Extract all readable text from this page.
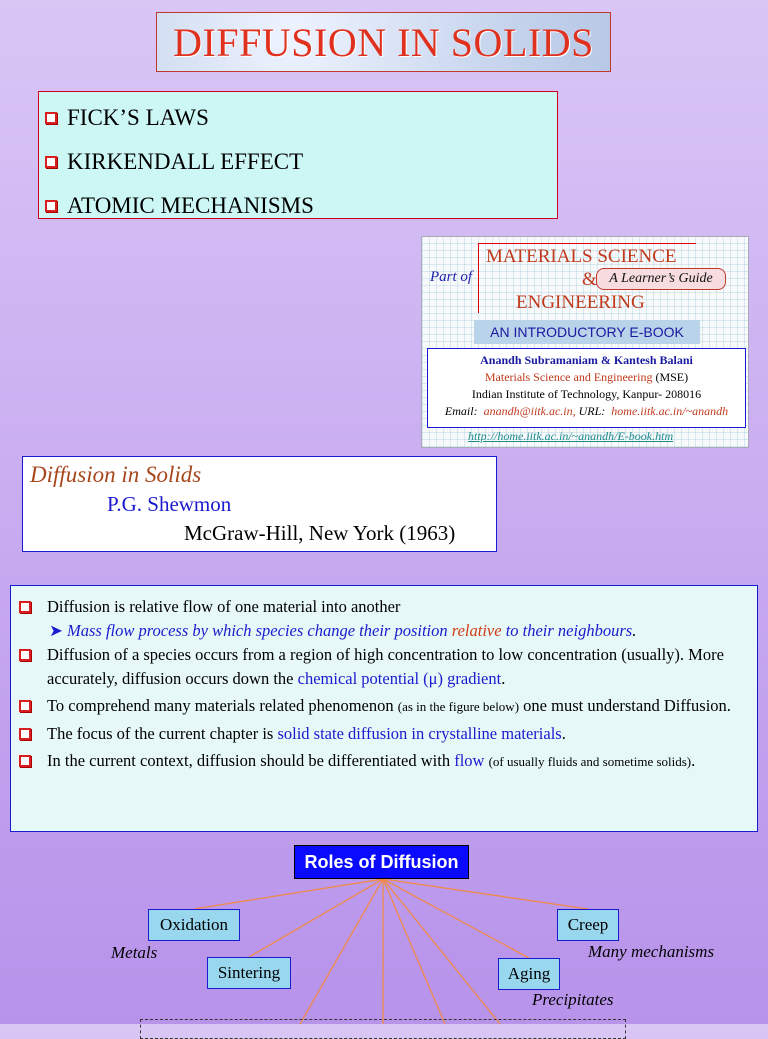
DIFFUSION IN SOLIDS
FICK’S LAWS
KIRKENDALL EFFECT
ATOMIC MECHANISMS
Part of
MATERIALS SCIENCE
A Learner’s Guide
&
ENGINEERING
AN INTRODUCTORY E-BOOK
Anandh Subramaniam & Kantesh Balani
Materials Science and Engineering (MSE)
Indian Institute of Technology, Kanpur- 208016
Email: anandh@iitk.ac.in, URL: home.iitk.ac.in/~anandh
http://home.iitk.ac.in/~anandh/E-book.htm
Diffusion in Solids
P.G. Shewmon
McGraw-Hill, New York (1963)
Diffusion is relative flow of one material into another
➤ Mass flow process by which species change their position relative to their neighbours.
Diffusion of a species occurs from a region of high concentration to low concentration (usually). More accurately, diffusion occurs down the chemical potential (μ) gradient.
To comprehend many materials related phenomenon (as in the figure below) one must understand Diffusion.
The focus of the current chapter is solid state diffusion in crystalline materials.
In the current context, diffusion should be differentiated with flow (of usually fluids and sometime solids).
Roles of Diffusion
Oxidation
Sintering
Creep
Aging
Metals	Many mechanisms
Precipitates
